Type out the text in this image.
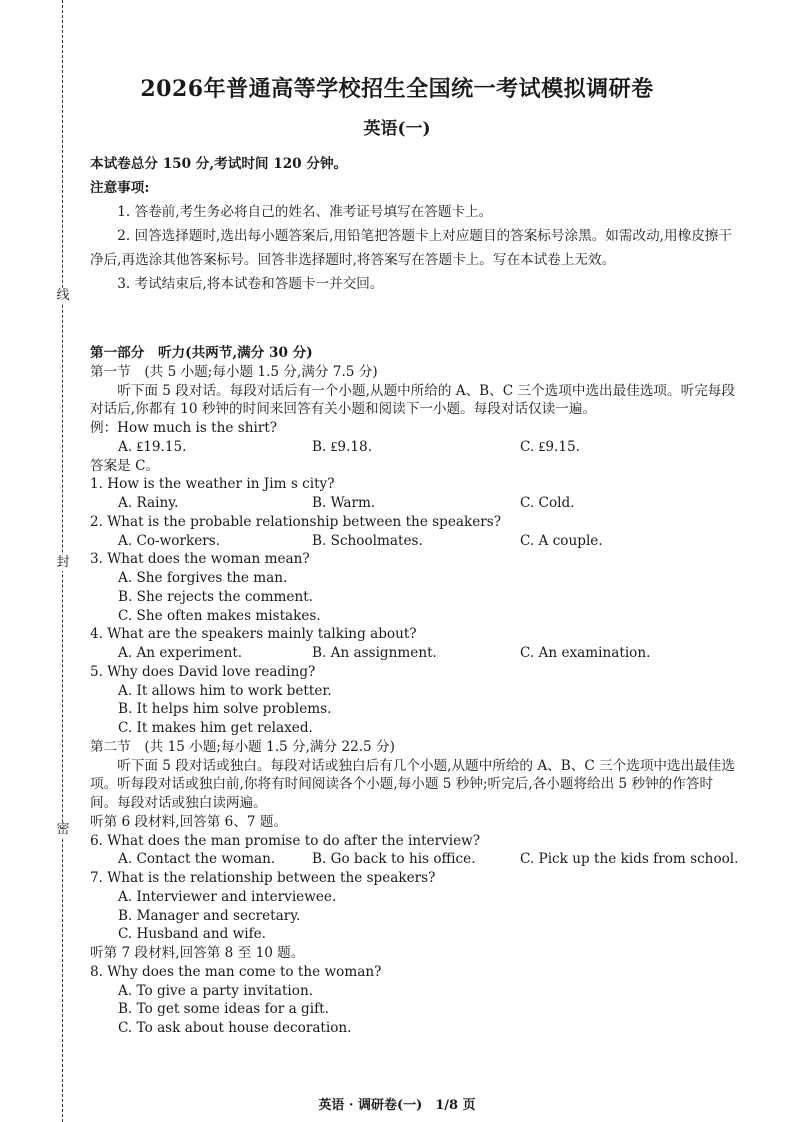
线
封
密
2026年普通高等学校招生全国统一考试模拟调研卷
英语(一)
本试卷总分 150 分,考试时间 120 分钟。
注意事项:
1. 答卷前,考生务必将自己的姓名、准考证号填写在答题卡上。
2. 回答选择题时,选出每小题答案后,用铅笔把答题卡上对应题目的答案标号涂黑。如需改动,用橡皮擦干净后,再选涂其他答案标号。回答非选择题时,将答案写在答题卡上。写在本试卷上无效。
3. 考试结束后,将本试卷和答题卡一并交回。
第一部分　听力(共两节,满分 30 分)
第一节　(共 5 小题;每小题 1.5 分,满分 7.5 分)
听下面 5 段对话。每段对话后有一个小题,从题中所给的 A、B、C 三个选项中选出最佳选项。听完每段对话后,你都有 10 秒钟的时间来回答有关小题和阅读下一小题。每段对话仅读一遍。
例：How much is the shirt?
A. ₤19.15.	B. ₤9.18.	C. ₤9.15.
答案是 C。
1. How is the weather in Jim s city?
A. Rainy.	B. Warm.	C. Cold.
2. What is the probable relationship between the speakers?
A. Co-workers.	B. Schoolmates.	C. A couple.
3. What does the woman mean?
A. She forgives the man.
B. She rejects the comment.
C. She often makes mistakes.
4. What are the speakers mainly talking about?
A. An experiment.	B. An assignment.	C. An examination.
5. Why does David love reading?
A. It allows him to work better.
B. It helps him solve problems.
C. It makes him get relaxed.
第二节　(共 15 小题;每小题 1.5 分,满分 22.5 分)
听下面 5 段对话或独白。每段对话或独白后有几个小题,从题中所给的 A、B、C 三个选项中选出最佳选项。听每段对话或独白前,你将有时间阅读各个小题,每小题 5 秒钟;听完后,各小题将给出 5 秒钟的作答时间。每段对话或独白读两遍。
听第 6 段材料,回答第 6、7 题。
6. What does the man promise to do after the interview?
A. Contact the woman.	B. Go back to his office.	C. Pick up the kids from school.
7. What is the relationship between the speakers?
A. Interviewer and interviewee.
B. Manager and secretary.
C. Husband and wife.
听第 7 段材料,回答第 8 至 10 题。
8. Why does the man come to the woman?
A. To give a party invitation.
B. To get some ideas for a gift.
C. To ask about house decoration.
英语 · 调研卷(一)　1/8 页
